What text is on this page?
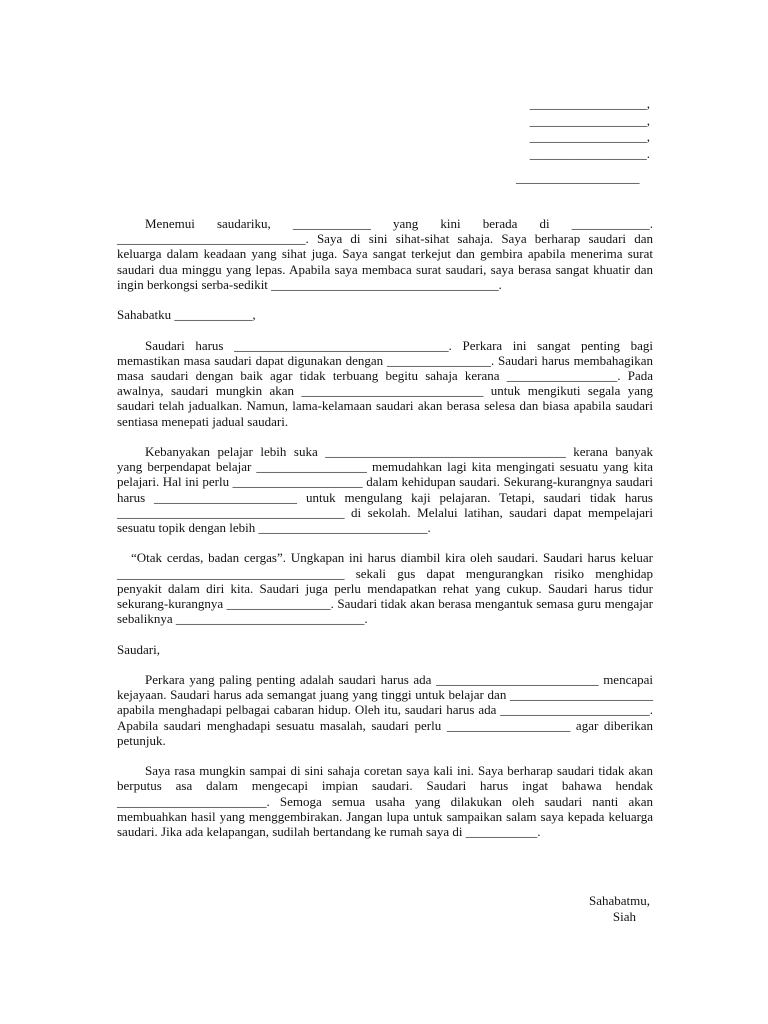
__________________,
__________________,
__________________,
__________________.
___________________

Menemui saudariku, ____________ yang kini berada di ____________. _____________________________. Saya di sini sihat-sihat sahaja. Saya berharap saudari dan keluarga dalam keadaan yang sihat juga. Saya sangat terkejut dan gembira apabila menerima surat saudari dua minggu yang lepas. Apabila saya membaca surat saudari, saya berasa sangat khuatir dan ingin berkongsi serba-sedikit ___________________________________.

Sahabatku ____________,

Saudari harus _________________________________. Perkara ini sangat penting bagi memastikan masa saudari dapat digunakan dengan ________________. Saudari harus membahagikan masa saudari dengan baik agar tidak terbuang begitu sahaja kerana _________________. Pada awalnya, saudari mungkin akan ____________________________ untuk mengikuti segala yang saudari telah jadualkan. Namun, lama-kelamaan saudari akan berasa selesa dan biasa apabila saudari sentiasa menepati jadual saudari.

Kebanyakan pelajar lebih suka _____________________________________ kerana banyak yang berpendapat belajar _________________ memudahkan lagi kita mengingati sesuatu yang kita pelajari. Hal ini perlu ____________________ dalam kehidupan saudari. Sekurang-kurangnya saudari harus ______________________ untuk mengulang kaji pelajaran. Tetapi, saudari tidak harus ___________________________________ di sekolah. Melalui latihan, saudari dapat mempelajari sesuatu topik dengan lebih __________________________.

“Otak cerdas, badan cergas”. Ungkapan ini harus diambil kira oleh saudari. Saudari harus keluar ___________________________________ sekali gus dapat mengurangkan risiko menghidap penyakit dalam diri kita. Saudari juga perlu mendapatkan rehat yang cukup. Saudari harus tidur sekurang-kurangnya ________________. Saudari tidak akan berasa mengantuk semasa guru mengajar sebaliknya _____________________________.

Saudari,

Perkara yang paling penting adalah saudari harus ada _________________________ mencapai kejayaan. Saudari harus ada semangat juang yang tinggi untuk belajar dan ______________________ apabila menghadapi pelbagai cabaran hidup. Oleh itu, saudari harus ada _______________________. Apabila saudari menghadapi sesuatu masalah, saudari perlu ___________________ agar diberikan petunjuk.

Saya rasa mungkin sampai di sini sahaja coretan saya kali ini. Saya berharap saudari tidak akan berputus asa dalam mengecapi impian saudari. Saudari harus ingat bahawa hendak _______________________. Semoga semua usaha yang dilakukan oleh saudari nanti akan membuahkan hasil yang menggembirakan. Jangan lupa untuk sampaikan salam saya kepada keluarga saudari. Jika ada kelapangan, sudilah bertandang ke rumah saya di ___________.

Sahabatmu,
Siah
